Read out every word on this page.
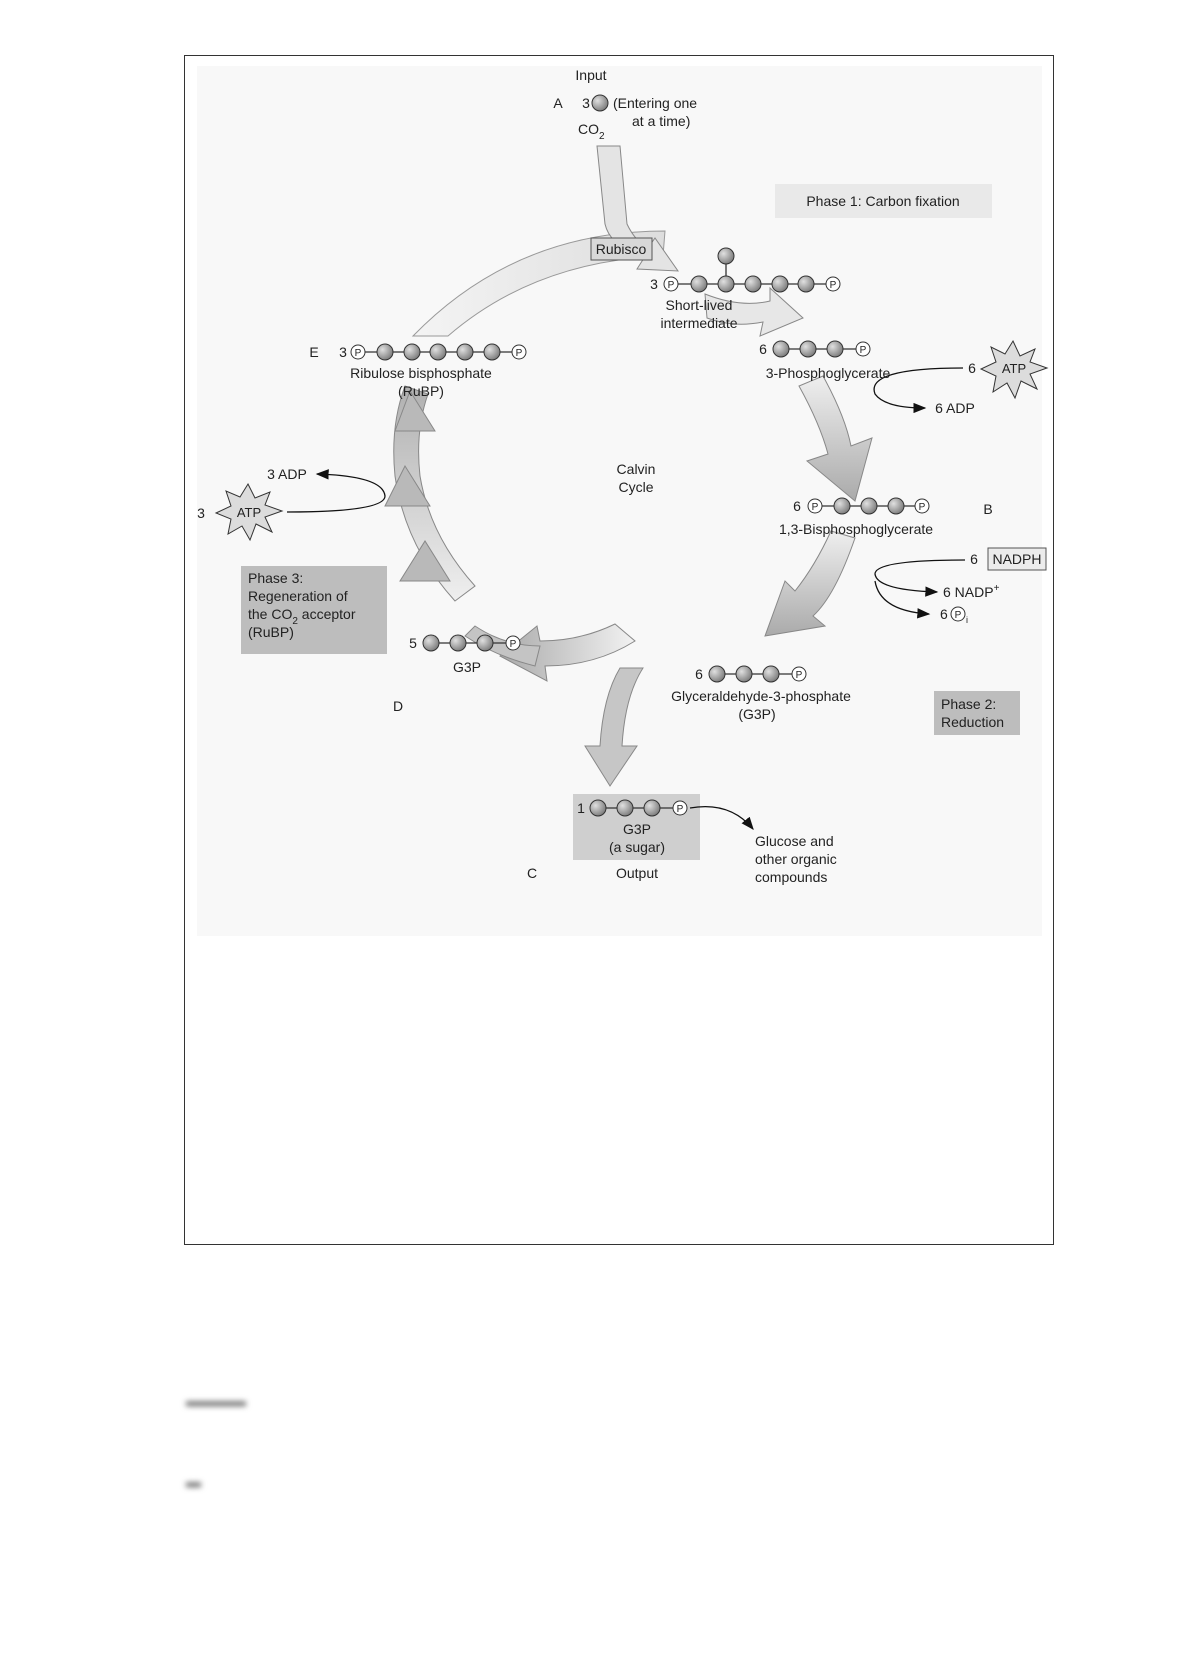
Input
A 3 (Entering one
at a time)
$CO_2$
Phase 1: Carbon fixation
Rubisco
3 P	P
Short-lived
intermediate
6	P
3-Phosphoglycerate	6 ATP
6 ADP
Calvin
Cycle
6 P	P
1,3-Bisphosphoglycerate
B
6 NADPH
6 NADP+
6 P i
Phase 2:
Reduction
6	P
Glyceraldehyde-3-phosphate
(G3P)
5	P
G3P
D
Phase 3:
Regeneration of
the $CO_2$ acceptor
(RuBP)
3 ATP
3 ADP
E 3 P	P
Ribulose bisphosphate
(RuBP)
1	P
G3P
(a sugar)
Output
C
Glucose and
other organic
compounds
▬▬▬▬
▬
